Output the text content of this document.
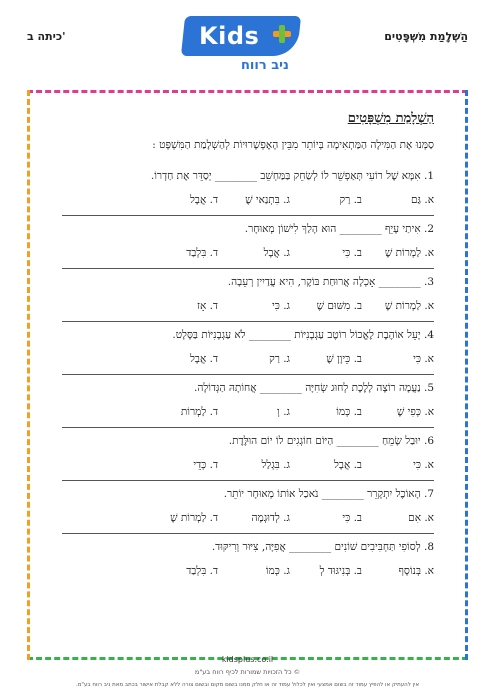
כיתה ב'	הַשְׁלָמַת מִשְׁפָּטִים
Kids
ניב רווח
הַשְׁלָמַת מִשְׁפָּטִים
סַמְּנוּ אֶת הַמִּילָה הַמַּתְאִימָה בְּיוֹתֵר מִבֵּין הָאֶפְשָׁרוּיוֹת לְהַשְׁלָמַת הַמִּשְׁפָּט :
1. אִמָּא שֶׁל רוֹעִי תְּאַפְשֵׁר לוֹ לְשַׂחֵק בַּמַּחְשֵׁב ________ יְסַדֵּר אֶת חַדְרוֹ.
א. גַּם
ב. רַק
ג. בִּתְנַאי שֶׁ
ד. אֲבָל
2. אִיתַי עָיֵף ________ הוּא הָלַךְ לִישׁוֹן מְאוּחָר.
א. לַמְרוֹת שֶׁ
ב. כִּי
ג. אֲבָל
ד. בִּלְבַד
3. ________ אָכְלָה אֲרוּחַת בּוֹקֶר, הִיא עֲדַיִין רְעֵבָה.
א. לַמְרוֹת שֶׁ
ב. מִשּׁוּם שֶׁ
ג. כִּי
ד. אָז
4. יָעֵל אוֹהֶבֶת לֶאֱכוֹל רוֹטֶב עַגְבָנִיּוֹת ________ לֹא עַגְבָנִיּוֹת בַּסָּלָט.
א. כִּי
ב. כֵּיוָן שֶׁ
ג. רַק
ד. אֲבָל
5. נַעֲמָה רוֹצָה לָלֶכֶת לְחוּג שְׂחִיָּה ________ אֲחוֹתָהּ הַגְּדוֹלָה.
א. כְּפִי שֶׁ
ב. כְּמוֹ
ג. וְ
ד. לַמְרוֹת
6. יוּבַל שָׂמֵחַ ________ הַיּוֹם חוֹגְגִים לוֹ יוֹם הוּלֶּדֶת.
א. כִּי
ב. אֲבָל
ג. בִּגְלַל
ד. כְּדֵי
7. הָאוֹכֶל יִתְקָרֵר ________ נֹאכַל אוֹתוֹ מְאוּחָר יוֹתֵר.
א. אִם
ב. כִּי
ג. לְדוּגְמָה
ד. לַמְרוֹת שֶׁ
8. לְסוֹפִי תַּחְבִּיבִים שׁוֹנִים ________ אֲפִיָּה, צִיּוּר וְרִיקּוּד.
א. בְּנוֹסָף
ב. בְּנִיגּוּד לְ
ג. כְּמוֹ
ד. בִּלְבַד
kidsplus.co.il
© כל הזכויות שמורות לכיף רווח בע"מ
אין להעתיק או להפיץ עמוד זה בשום אמצעי ואין לכלול עמוד זה או חלק ממנו בשום מקום ובשום צורה ללא קבלת אישור בכתב מאת ניב רווח בע"מ.
